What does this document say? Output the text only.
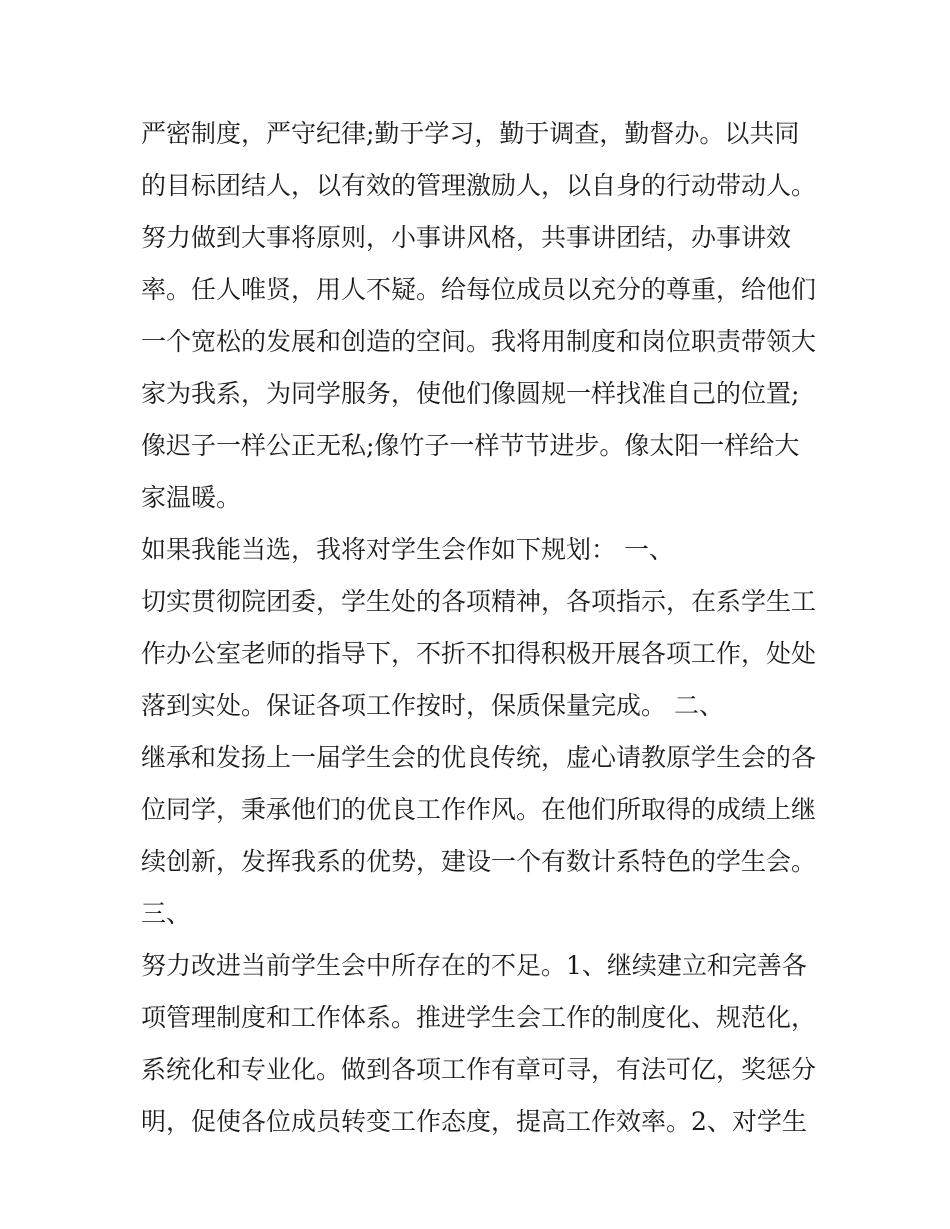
严密制度，严守纪律;勤于学习，勤于调查，勤督办。以共同
的目标团结人，以有效的管理激励人，以自身的行动带动人。
努力做到大事将原则，小事讲风格，共事讲团结，办事讲效
率。任人唯贤，用人不疑。给每位成员以充分的尊重，给他们
一个宽松的发展和创造的空间。我将用制度和岗位职责带领大
家为我系，为同学服务，使他们像圆规一样找准自己的位置;
像迟子一样公正无私;像竹子一样节节进步。像太阳一样给大
家温暖。
如果我能当选，我将对学生会作如下规划： 一、
切实贯彻院团委，学生处的各项精神，各项指示，在系学生工
作办公室老师的指导下，不折不扣得积极开展各项工作，处处
落到实处。保证各项工作按时，保质保量完成。 二、
继承和发扬上一届学生会的优良传统，虚心请教原学生会的各
位同学，秉承他们的优良工作作风。在他们所取得的成绩上继
续创新，发挥我系的优势，建设一个有数计系特色的学生会。
三、
努力改进当前学生会中所存在的不足。1、继续建立和完善各
项管理制度和工作体系。推进学生会工作的制度化、规范化，
系统化和专业化。做到各项工作有章可寻，有法可亿，奖惩分
明，促使各位成员转变工作态度，提高工作效率。2、对学生
